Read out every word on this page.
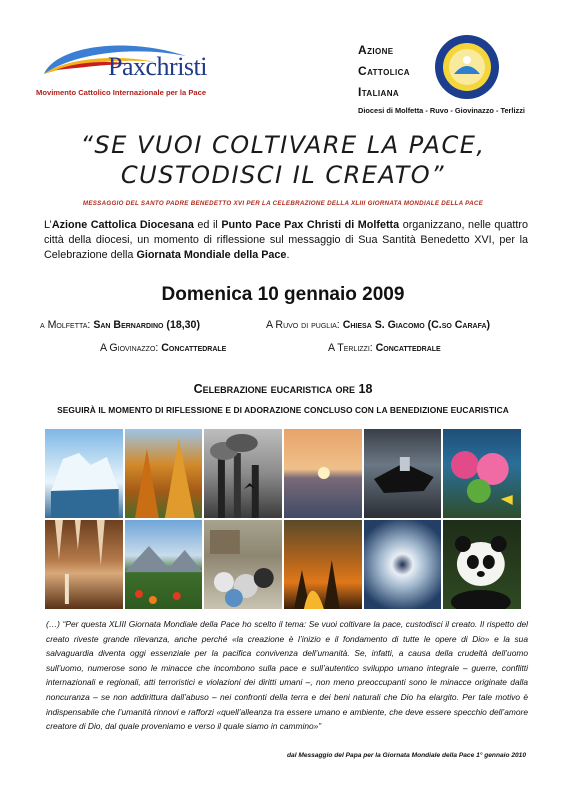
Paxchristi
Movimento Cattolico Internazionale per la Pace
Azione
Cattolica
Italiana
Diocesi di Molfetta - Ruvo - Giovinazzo - Terlizzi
“SE VUOI COLTIVARE LA PACE,
CUSTODISCI IL CREATO”
MESSAGGIO DEL SANTO PADRE BENEDETTO XVI PER LA CELEBRAZIONE DELLA XLIII GIORNATA MONDIALE DELLA PACE
L’Azione Cattolica Diocesana ed il Punto Pace Pax Christi di Molfetta organizzano, nelle quattro città della diocesi, un momento di riflessione sul messaggio di Sua Santità Benedetto XVI, per la Celebrazione della Giornata Mondiale della Pace.
Domenica 10 gennaio 2009
a Molfetta: San Bernardino (18,30)	A Ruvo di puglia: Chiesa S. Giacomo (C.so Carafa)
A Giovinazzo: Concattedrale	A Terlizzi: Concattedrale
Celebrazione eucaristica ore 18
SEGUIRÀ IL MOMENTO DI RIFLESSIONE E DI ADORAZIONE CONCLUSO CON LA BENEDIZIONE EUCARISTICA
(…) “Per questa XLIII Giornata Mondiale della Pace ho scelto il tema: Se vuoi coltivare la pace, custodisci il creato. Il rispetto del creato riveste grande rilevanza, anche perché «la creazione è l’inizio e il fondamento di tutte le opere di Dio» e la sua salvaguardia diventa oggi essenziale per la pacifica convivenza dell’umanità. Se, infatti, a causa della crudeltà dell’uomo sull’uomo, numerose sono le minacce che incombono sulla pace e sull’autentico sviluppo umano integrale – guerre, conflitti internazionali e regionali, atti terroristici e violazioni dei diritti umani –, non meno preoccupanti sono le minacce originate dalla noncuranza – se non addirittura dall’abuso – nei confronti della terra e dei beni naturali che Dio ha elargito. Per tale motivo è indispensabile che l’umanità rinnovi e rafforzi «quell’alleanza tra essere umano e ambiente, che deve essere specchio dell’amore creatore di Dio, dal quale proveniamo e verso il quale siamo in cammino»”
dal Messaggio del Papa per la Giornata Mondiale della Pace 1° gennaio 2010
